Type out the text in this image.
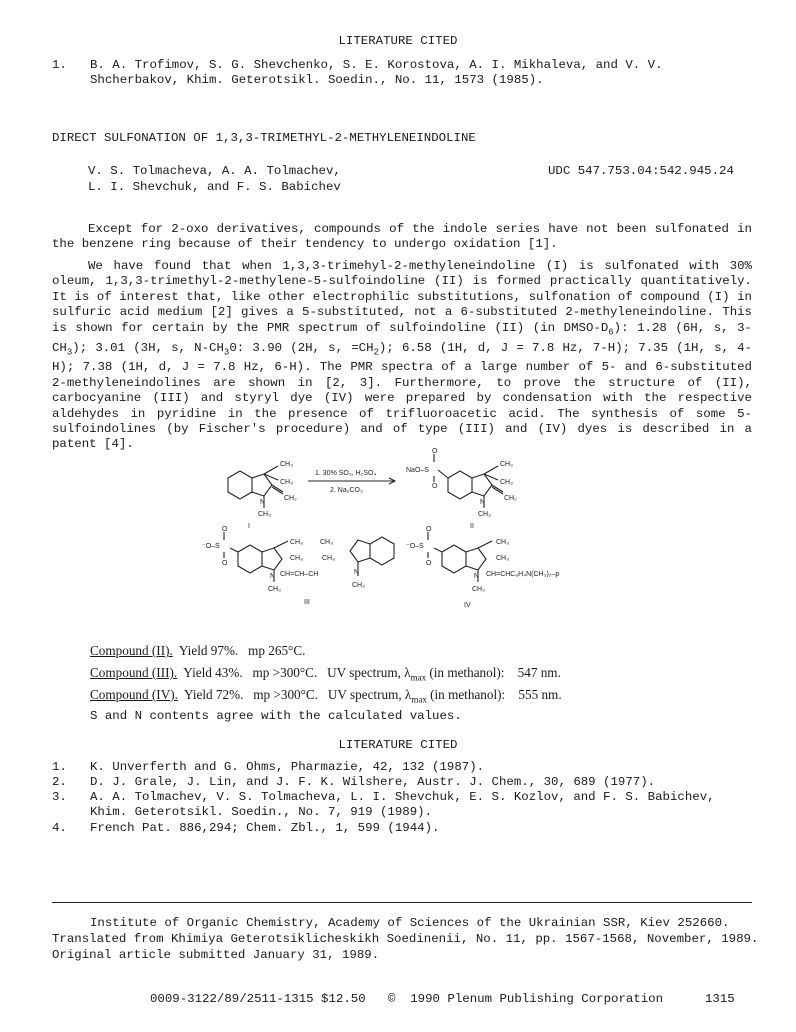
LITERATURE CITED
1. B. A. Trofimov, S. G. Shevchenko, S. E. Korostova, A. I. Mikhaleva, and V. V. Shcherbakov, Khim. Geterotsikl. Soedin., No. 11, 1573 (1985).
DIRECT SULFONATION OF 1,3,3-TRIMETHYL-2-METHYLENEINDOLINE
V. S. Tolmacheva, A. A. Tolmachev,
L. I. Shevchuk, and F. S. Babichev
UDC 547.753.04:542.945.24
Except for 2-oxo derivatives, compounds of the indole series have not been sulfonated in the benzene ring because of their tendency to undergo oxidation [1].
We have found that when 1,3,3-trimehyl-2-methyleneindoline (I) is sulfonated with 30% oleum, 1,3,3-trimethyl-2-methylene-5-sulfoindoline (II) is formed practically quantitatively. It is of interest that, like other electrophilic substitutions, sulfonation of compound (I) in sulfuric acid medium [2] gives a 5-substituted, not a 6-substituted 2-methyleneindoline. This is shown for certain by the PMR spectrum of sulfoindoline (II) (in DMSO-$D_6$): 1.28 (6H, s, $3-CH_3$); 3.01 (3H, s, $N-CH_30$: 3.90 (2H, s, $=CH_2$); 6.58 (1H, d, J = 7.8 Hz, 7-H); 7.35 (1H, s, 4-H); 7.38 (1H, d, J = 7.8 Hz, 6-H). The PMR spectra of a large number of 5- and 6-substituted 2-methyleneindolines are shown in [2, 3]. Furthermore, to prove the structure of (II), carbocyanine (III) and styryl dye (IV) were prepared by condensation with the respective aldehydes in pyridine in the presence of trifluoroacetic acid. The synthesis of some 5-sulfoindolines (by Fischer's procedure) and of type (III) and (IV) dyes is described in a patent [4].
CH₃
CH₃
CH₂
N
CH₃
1. 30% SO₃, H₂SO₄
2. Na₂CO₃
O
NaO–S
O
CH₃
CH₃
CH₂
N
CH₃
O
⁻O–S
O
CH₃
CH₃
CH₃
CH₃
N CH=CH–CH
CH₃
N
CH₃
III
O
⁻O–S
O
CH₃
CH₃
N CH=CHC₆H₄N(CH₃)₂–p
CH₃
I	II
IV
Compound (II). Yield 97%.   mp 265°C.
Compound (III). Yield 43%.   mp >300°C.   UV spectrum, $\lambda_{max}$ (in methanol):    547 nm.
Compound (IV). Yield 72%.   mp >300°C.   UV spectrum, $\lambda_{max}$ (in methanol):    555 nm.
S and N contents agree with the calculated values.
LITERATURE CITED
1. K. Unverferth and G. Ohms, Pharmazie, 42, 132 (1987).
2. D. J. Grale, J. Lin, and J. F. K. Wilshere, Austr. J. Chem., 30, 689 (1977).
3. A. A. Tolmachev, V. S. Tolmacheva, L. I. Shevchuk, E. S. Kozlov, and F. S. Babichev, Khim. Geterotsikl. Soedin., No. 7, 919 (1989).
4. French Pat. 886,294; Chem. Zbl., 1, 599 (1944).
Institute of Organic Chemistry, Academy of Sciences of the Ukrainian SSR, Kiev 252660.
Translated from Khimiya Geterotsiklicheskikh Soedinenii, No. 11, pp. 1567-1568, November, 1989.
Original article submitted January 31, 1989.
0009-3122/89/2511-1315 $12.50   ©  1990 Plenum Publishing Corporation	1315
